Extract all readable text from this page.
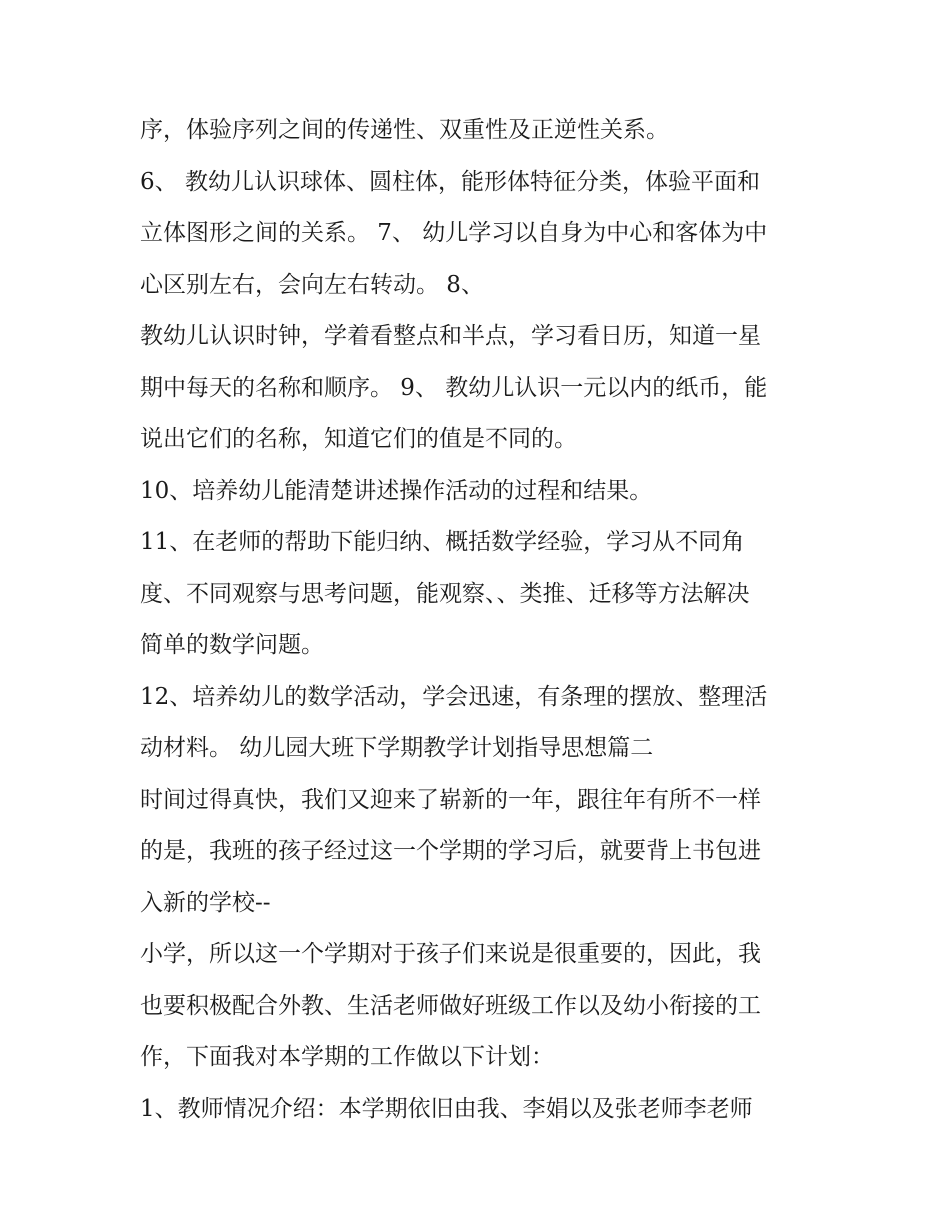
序，体验序列之间的传递性、双重性及正逆性关系。

6、 教幼儿认识球体、圆柱体，能形体特征分类，体验平面和

立体图形之间的关系。 7、 幼儿学习以自身为中心和客体为中

心区别左右，会向左右转动。 8、

教幼儿认识时钟，学着看整点和半点，学习看日历，知道一星

期中每天的名称和顺序。 9、 教幼儿认识一元以内的纸币，能

说出它们的名称，知道它们的值是不同的。

10、培养幼儿能清楚讲述操作活动的过程和结果。

11、在老师的帮助下能归纳、概括数学经验，学习从不同角

度、不同观察与思考问题，能观察、、类推、迁移等方法解决

简单的数学问题。

12、培养幼儿的数学活动，学会迅速，有条理的摆放、整理活

动材料。 幼儿园大班下学期教学计划指导思想篇二

时间过得真快，我们又迎来了崭新的一年，跟往年有所不一样

的是，我班的孩子经过这一个学期的学习后，就要背上书包进

入新的学校--

小学，所以这一个学期对于孩子们来说是很重要的，因此，我

也要积极配合外教、生活老师做好班级工作以及幼小衔接的工

作，下面我对本学期的工作做以下计划：

1、教师情况介绍：本学期依旧由我、李娟以及张老师李老师
